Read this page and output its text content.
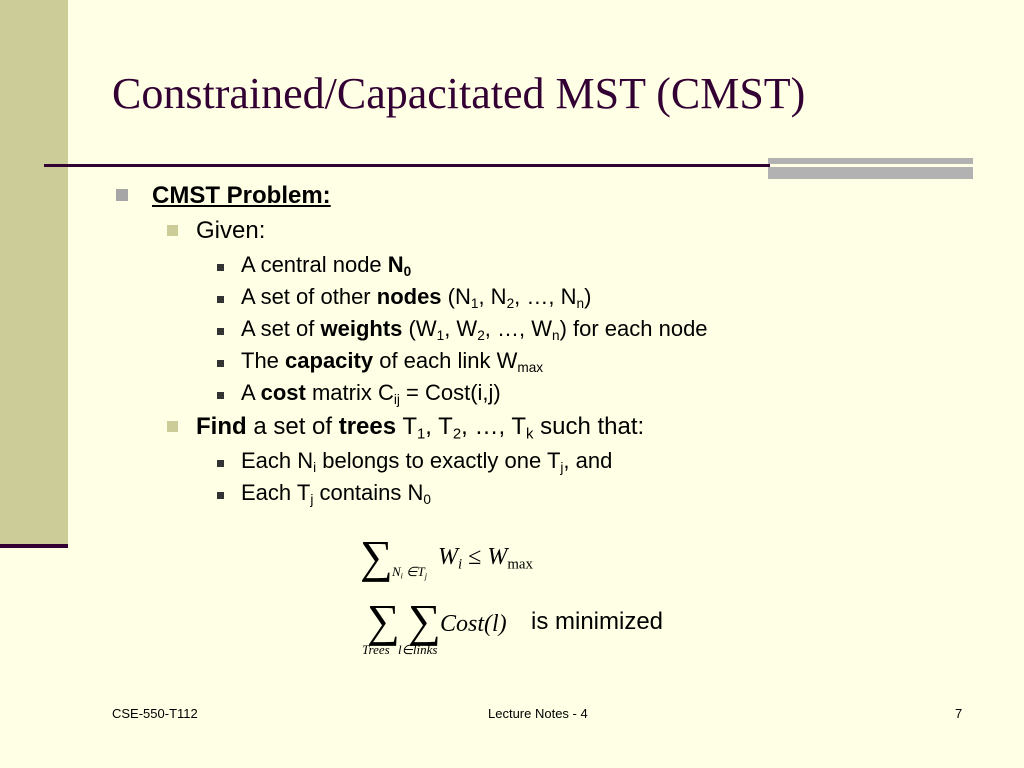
Constrained/Capacitated MST (CMST)
CMST Problem:
Given:
A central node $N_0$
A set of other nodes ($N_1$, $N_2$, …, $N_n$)
A set of weights ($W_1$, $W_2$, …, $W_n$) for each node
The capacity of each link $W_{max}$
A cost matrix $C_{ij}$ = Cost(i,j)
Find a set of trees $T_1$, $T_2$, …, $T_k$ such that:
Each $N_i$ belongs to exactly one $T_j$, and
Each $T_j$ contains $N_0$
∑ $N_i$ $\in T_j$
$W_i \le W_{max}$
∑ ∑
Trees l∈links
Cost(l) is minimized
CSE-550-T112	Lecture Notes - 4	7
